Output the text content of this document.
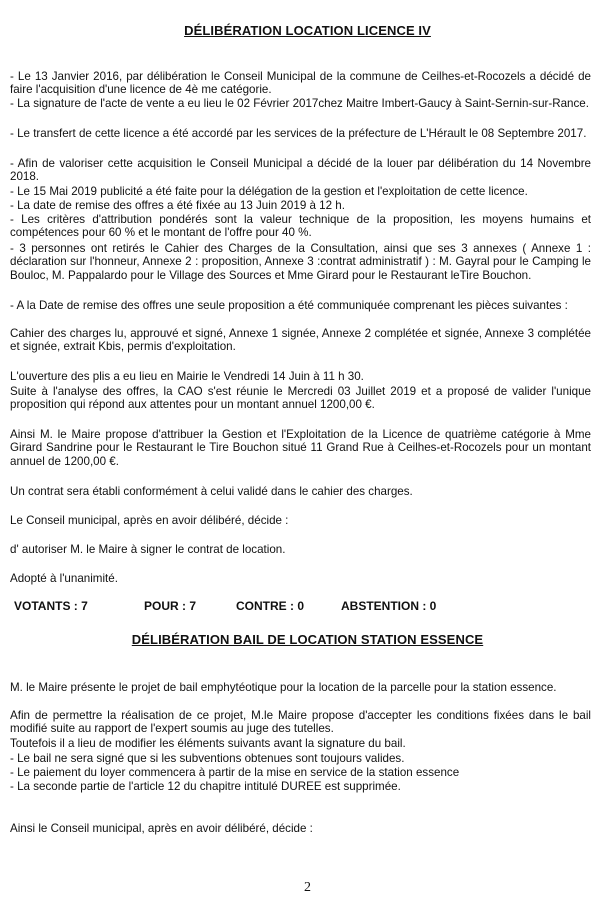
DÉLIBÉRATION LOCATION LICENCE IV
- Le 13 Janvier 2016, par délibération le Conseil Municipal de la commune de Ceilhes-et-Rocozels a décidé de faire l'acquisition d'une licence de 4è me catégorie.
- La signature de l'acte de vente a eu lieu le 02 Février 2017chez Maitre Imbert-Gaucy à Saint-Sernin-sur-Rance.
- Le transfert de cette licence a été accordé par les services de la préfecture de L'Hérault le 08 Septembre 2017.
- Afin de valoriser cette acquisition le Conseil Municipal a décidé de la louer par délibération du 14 Novembre 2018.
- Le 15 Mai 2019 publicité a été faite pour la délégation de la gestion et l'exploitation de cette licence.
- La date de remise des offres a été fixée au 13 Juin 2019 à 12 h.
- Les critères d'attribution pondérés sont la valeur technique de la proposition, les moyens humains et compétences pour 60 % et le montant de l'offre pour 40 %.
- 3 personnes ont retirés le Cahier des Charges de la Consultation, ainsi que ses 3 annexes ( Annexe 1 : déclaration sur l'honneur, Annexe 2 : proposition, Annexe 3 :contrat administratif ) : M. Gayral pour le Camping le Bouloc, M. Pappalardo pour le Village des Sources et Mme Girard pour le Restaurant leTire Bouchon.
- A la Date de remise des offres une seule proposition a été communiquée comprenant les pièces suivantes :
Cahier des charges lu, approuvé et signé, Annexe 1 signée, Annexe 2 complétée et signée, Annexe 3 complétée et signée, extrait Kbis, permis d'exploitation.
L'ouverture des plis a eu lieu en Mairie le Vendredi 14 Juin à 11 h 30.
Suite à l'analyse des offres, la CAO s'est réunie le Mercredi 03 Juillet 2019 et a proposé de valider l'unique proposition qui répond aux attentes pour un montant annuel 1200,00 €.
Ainsi M. le Maire propose d'attribuer la Gestion et l'Exploitation de la Licence de quatrième catégorie à Mme Girard Sandrine pour le Restaurant le Tire Bouchon situé 11 Grand Rue à Ceilhes-et-Rocozels pour un montant annuel de 1200,00 €.
Un contrat sera établi conformément à celui validé dans le cahier des charges.
Le Conseil municipal, après en avoir délibéré, décide :
d' autoriser M. le Maire à signer le contrat de location.
Adopté à l'unanimité.
VOTANTS : 7	POUR : 7	CONTRE : 0	ABSTENTION : 0
DÉLIBÉRATION BAIL DE LOCATION STATION ESSENCE
M. le Maire présente le projet de bail emphytéotique pour la location de la parcelle pour la station essence.
Afin de permettre la réalisation de ce projet, M.le Maire propose d'accepter les conditions fixées dans le bail modifié suite au rapport de l'expert soumis au juge des tutelles.
Toutefois il a lieu de modifier les éléments suivants avant la signature du bail.
- Le bail ne sera signé que si les subventions obtenues sont toujours valides.
- Le paiement du loyer commencera à partir de la mise en service de la station essence
- La seconde partie de l'article 12 du chapitre intitulé DUREE est supprimée.
Ainsi le Conseil municipal, après en avoir délibéré, décide :
2
